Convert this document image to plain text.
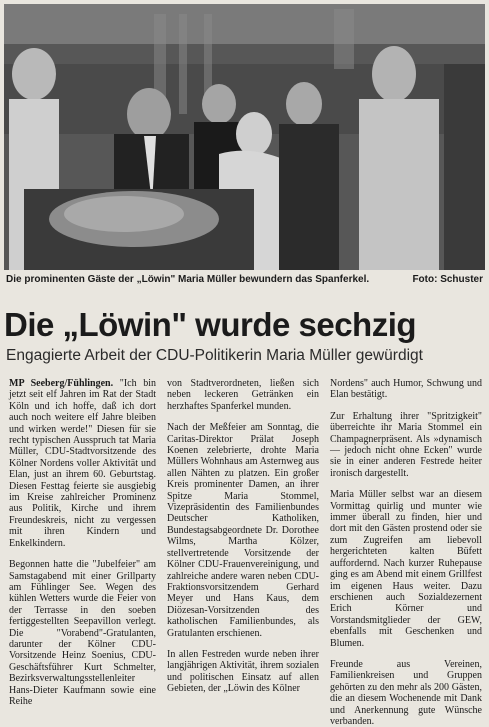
Die prominenten Gäste der „Löwin" Maria Müller bewundern das Spanferkel.	Foto: Schuster
Die „Löwin" wurde sechzig
Engagierte Arbeit der CDU-Politikerin Maria Müller gewürdigt

MP Seeberg/Fühlingen. "Ich bin jetzt seit elf Jahren im Rat der Stadt Köln und ich hoffe, daß ich dort auch noch weitere elf Jahre bleiben und wirken werde!" Diesen für sie recht typischen Ausspruch tat Maria Müller, CDU-Stadtvorsitzende des Kölner Nordens voller Aktivität und Elan, just an ihrem 60. Geburtstag. Diesen Festtag feierte sie ausgiebig im Kreise zahlreicher Prominenz aus Politik, Kirche und ihrem Freundeskreis, nicht zu vergessen mit ihren Kindern und Enkelkindern.

Begonnen hatte die "Jubelfeier" am Samstagabend mit einer Grillparty am Fühlinger See. Wegen des kühlen Wetters wurde die Feier von der Terrasse in den soeben fertiggestellten Seepavillon verlegt. Die "Vorabend"-Gratulanten, darunter der Kölner CDU-Vorsitzende Heinz Soenius, CDU-Geschäftsführer Kurt Schmelter, Bezirksverwaltungsstellenleiter Hans-Dieter Kaufmann sowie eine Reihe

von Stadtverordneten, ließen sich neben leckeren Getränken ein herzhaftes Spanferkel munden.

Nach der Meßfeier am Sonntag, die Caritas-Direktor Prälat Joseph Koenen zelebrierte, drohte Maria Müllers Wohnhaus am Asternweg aus allen Nähten zu platzen. Ein großer Kreis prominenter Damen, an ihrer Spitze Maria Stommel, Vizepräsidentin des Familienbundes Deutscher Katholiken, Bundestagsabgeordnete Dr. Dorothee Wilms, Martha Kölzer, stellvertretende Vorsitzende der Kölner CDU-Frauenvereinigung, und zahlreiche andere waren neben CDU-Fraktionsvorsitzendem Gerhard Meyer und Hans Kaus, dem Diözesan-Vorsitzenden des katholischen Familienbundes, als Gratulanten erschienen.

In allen Festreden wurde neben ihrer langjährigen Aktivität, ihrem sozialen und politischen Einsatz auf allen Gebieten, der „Löwin des Kölner

Nordens" auch Humor, Schwung und Elan bestätigt.

Zur Erhaltung ihrer "Spritzigkeit" überreichte ihr Maria Stommel ein Champagnerpräsent. Als »dynamisch — jedoch nicht ohne Ecken" wurde sie in einer anderen Festrede heiter ironisch dargestellt.

Maria Müller selbst war an diesem Vormittag quirlig und munter wie immer überall zu finden, hier und dort mit den Gästen prostend oder sie zum Zugreifen am liebevoll hergerichteten kalten Büfett auffordernd. Nach kurzer Ruhepause ging es am Abend mit einem Grillfest im eigenen Haus weiter. Dazu erschienen auch Sozialdezernent Erich Körner und Vorstandsmitglieder der GEW, ebenfalls mit Geschenken und Blumen.

Freunde aus Vereinen, Familienkreisen und Gruppen gehörten zu den mehr als 200 Gästen, die an diesem Wochenende mit Dank und Anerkennung gute Wünsche verbanden.
